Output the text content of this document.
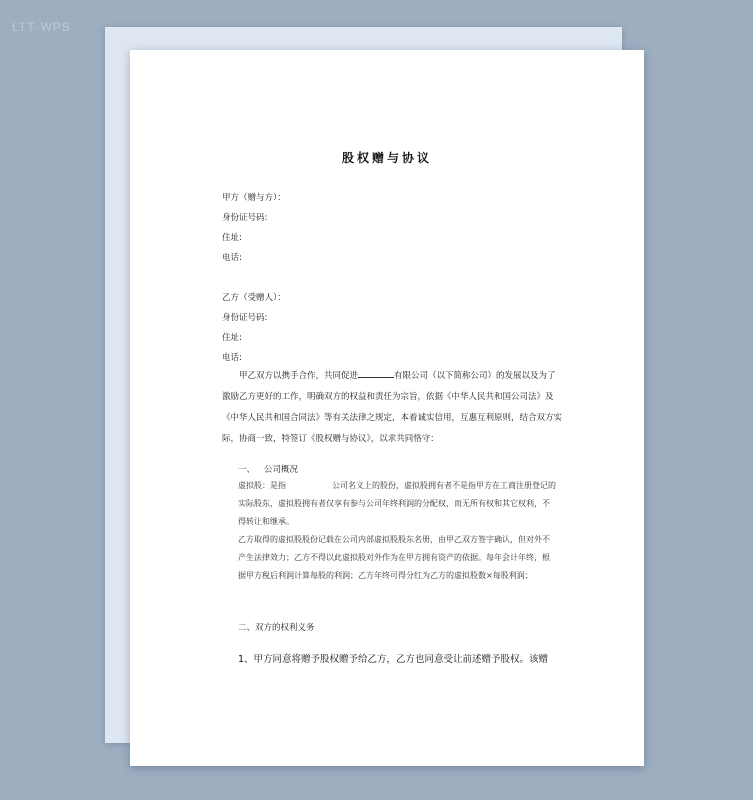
LTT·WPS
股权赠与协议
甲方（赠与方）：
身份证号码:
住址:
电话:
乙方（受赠人）：
身份证号码:
住址:
电话:
甲乙双方以携手合作，共同促进	有限公司（以下简称公司）的发展以及为了激励乙方更好的工作，明确双方的权益和责任为宗旨，依据《中华人民共和国公司法》及《中华人民共和国合同法》等有关法律之规定，本着诚实信用，互惠互利原则，结合双方实际，协商一致，特签订《股权赠与协议》，以求共同恪守：
一、 公司概况
虚拟股：是指	公司名义上的股份，虚拟股拥有者不是指甲方在工商注册登记的实际股东，虚拟股拥有者仅享有参与公司年终利润的分配权，而无所有权和其它权利，不得转让和继承。
乙方取得的虚拟股股份记载在公司内部虚拟股股东名册，由甲乙双方签字确认，但对外不产生法律效力；乙方不得以此虚拟股对外作为在甲方拥有资产的依据。每年会计年终，根据甲方税后利润计算每股的利润；乙方年终可得分红为乙方的虚拟股数×每股利润；
二、双方的权利义务
1、甲方同意将赠予股权赠予给乙方，乙方也同意受让前述赠予股权。该赠
